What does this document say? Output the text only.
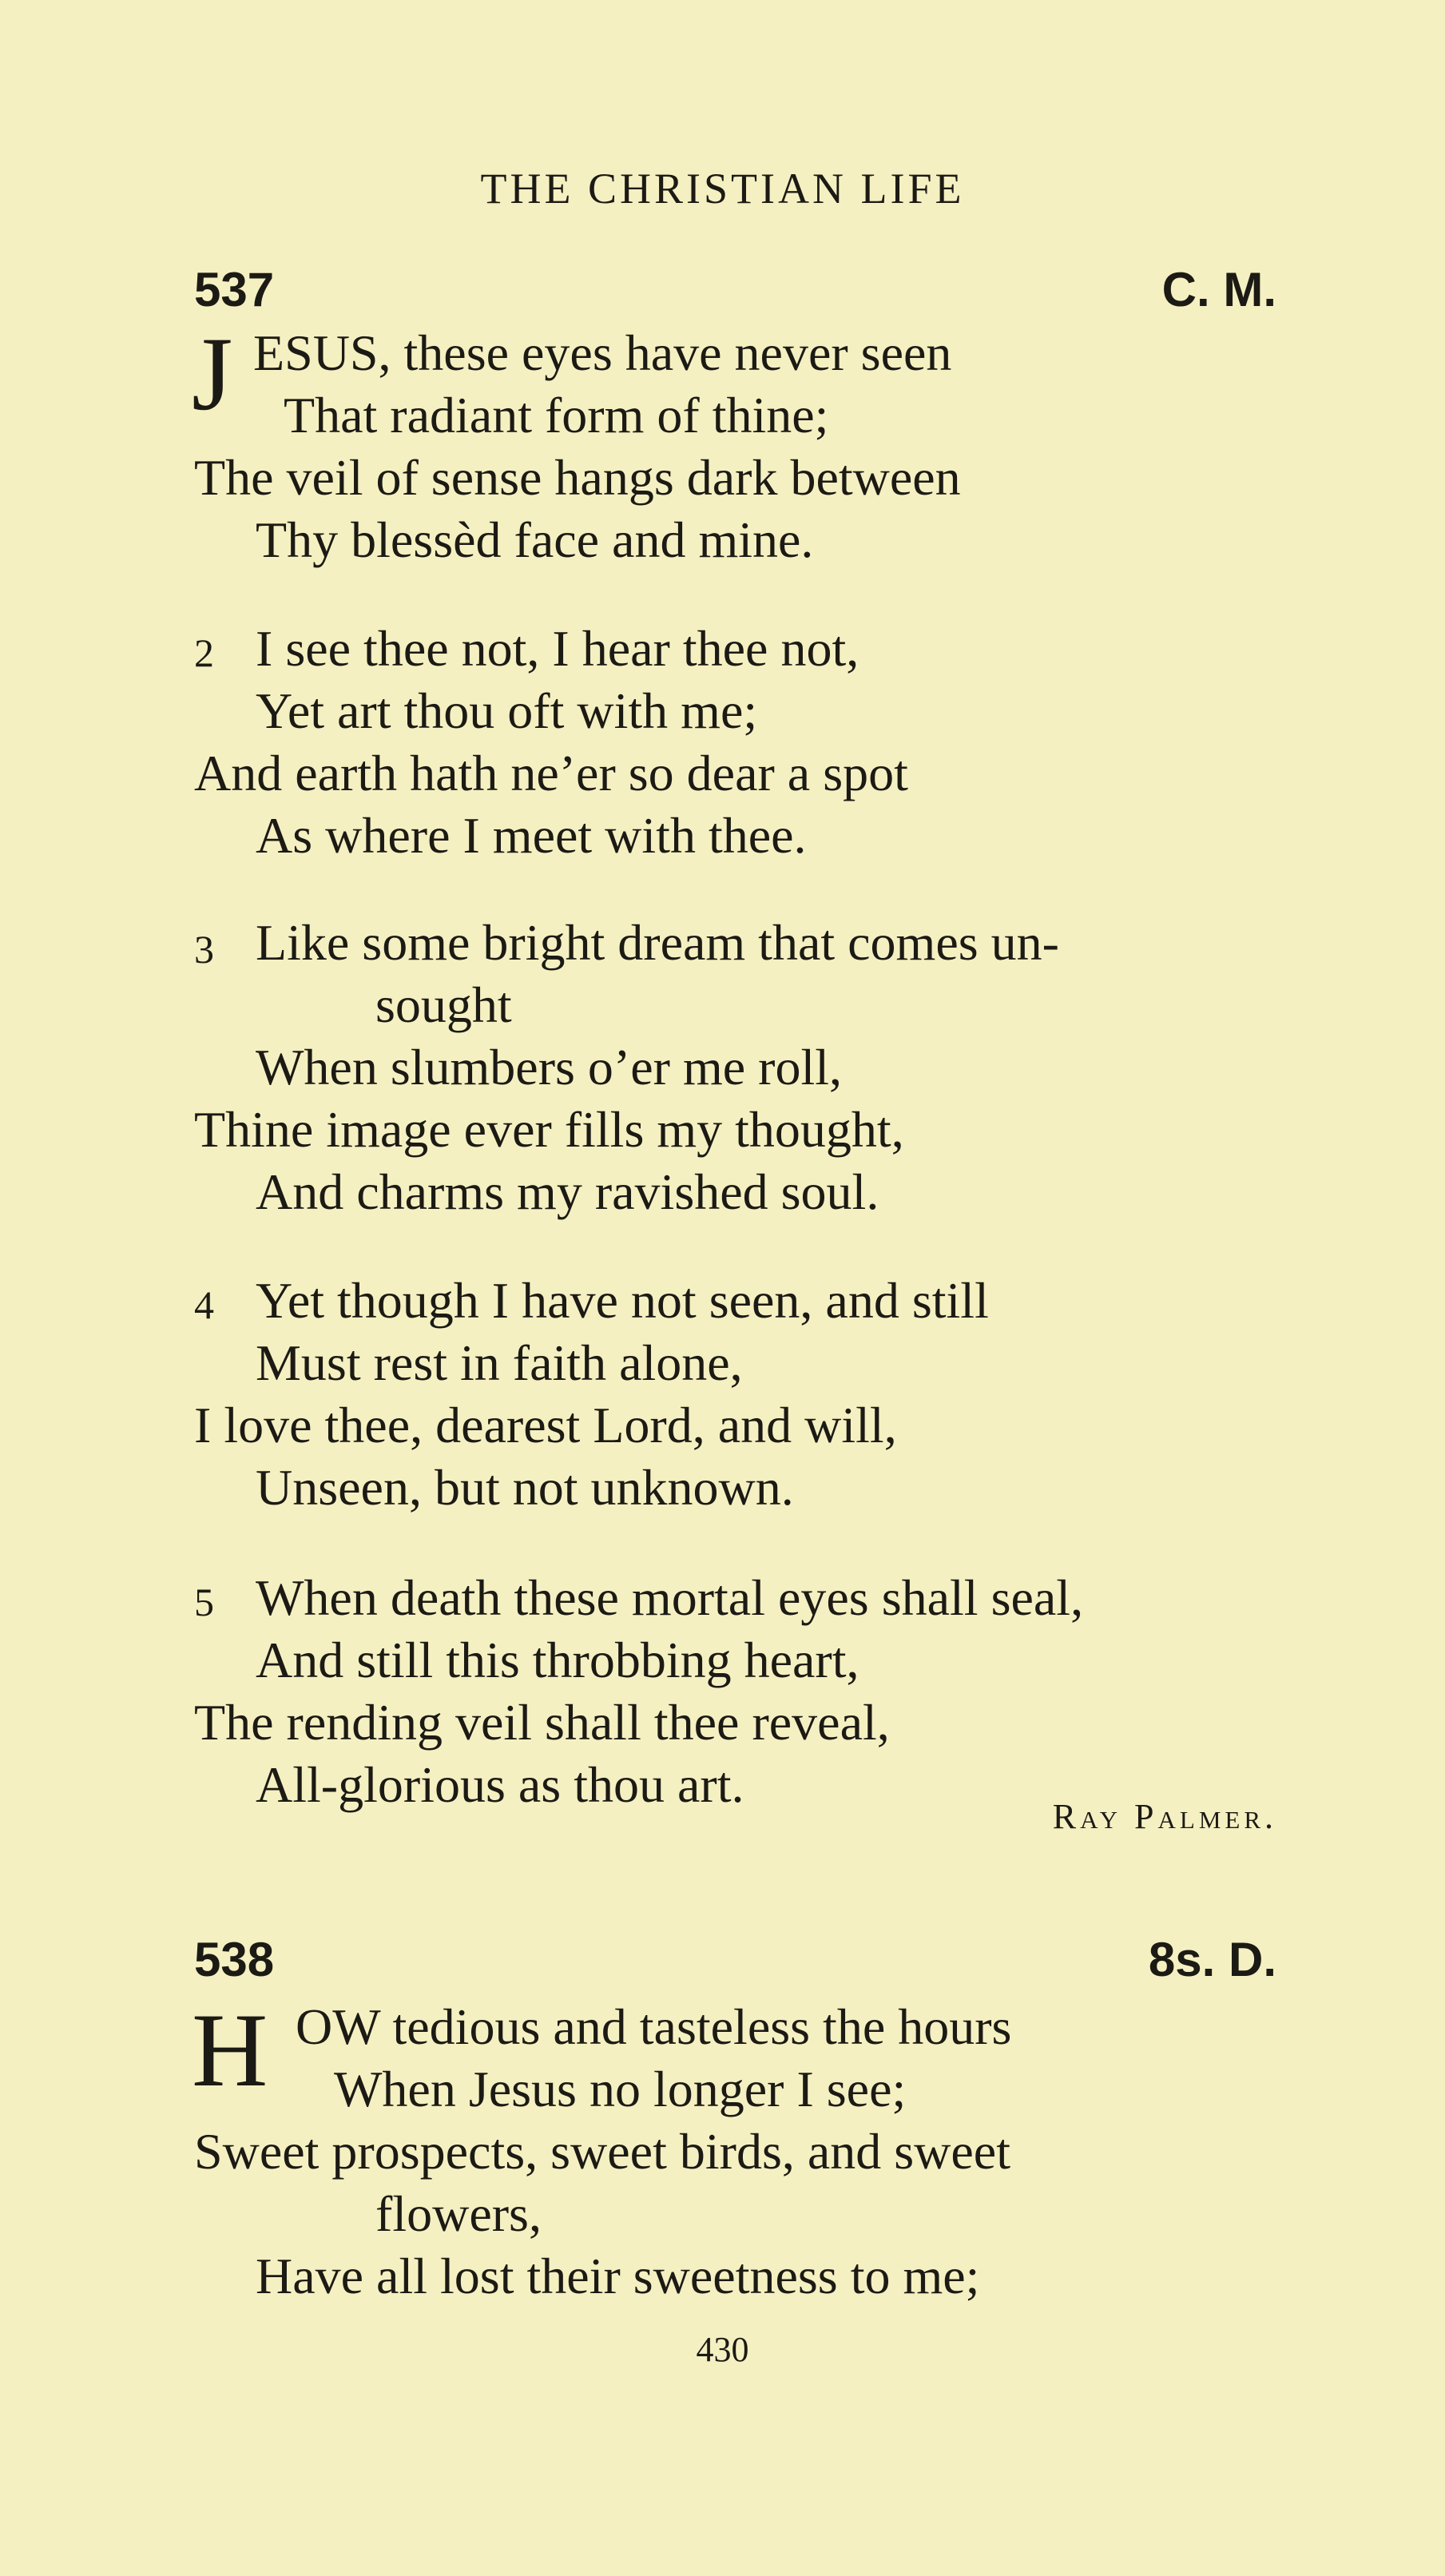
THE CHRISTIAN LIFE
537	C. M.
J ESUS, these eyes have never seen
That radiant form of thine;
The veil of sense hangs dark between
Thy blessèd face and mine.
2 I see thee not, I hear thee not,
Yet art thou oft with me;
And earth hath ne’er so dear a spot
As where I meet with thee.
3 Like some bright dream that comes un-
sought
When slumbers o’er me roll,
Thine image ever fills my thought,
And charms my ravished soul.
4 Yet though I have not seen, and still
Must rest in faith alone,
I love thee, dearest Lord, and will,
Unseen, but not unknown.
5 When death these mortal eyes shall seal,
And still this throbbing heart,
The rending veil shall thee reveal,
All-glorious as thou art.
Ray Palmer.
538	8s. D.
H OW tedious and tasteless the hours
When Jesus no longer I see;
Sweet prospects, sweet birds, and sweet
flowers,
Have all lost their sweetness to me;
430
